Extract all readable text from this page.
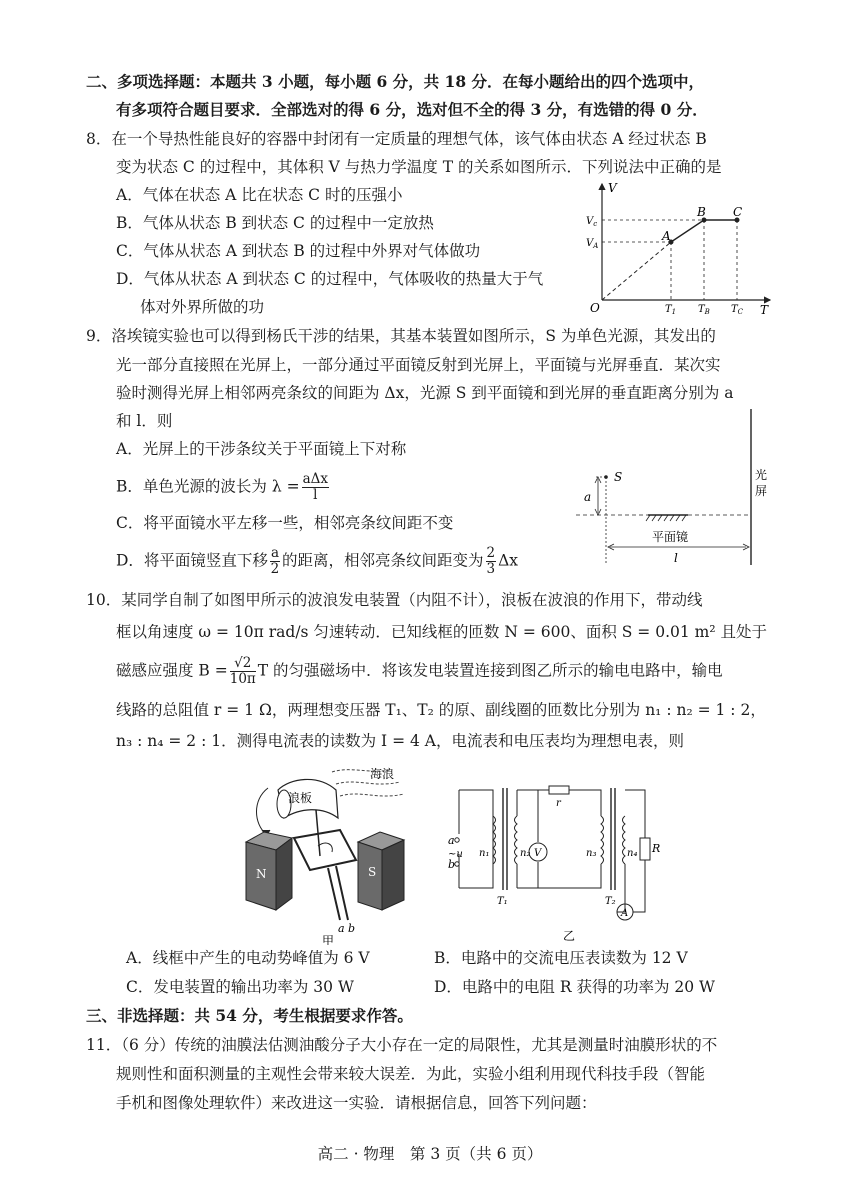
二、多项选择题：本题共 3 小题，每小题 6 分，共 18 分．在每小题给出的四个选项中，
有多项符合题目要求．全部选对的得 6 分，选对但不全的得 3 分，有选错的得 0 分．
8．在一个导热性能良好的容器中封闭有一定质量的理想气体，该气体由状态 A 经过状态 B
变为状态 C 的过程中，其体积 V 与热力学温度 T 的关系如图所示．下列说法中正确的是
A．气体在状态 A 比在状态 C 时的压强小
B．气体从状态 B 到状态 C 的过程中一定放热
C．气体从状态 A 到状态 B 的过程中外界对气体做功
D．气体从状态 A 到状态 C 的过程中，气体吸收的热量大于气
体对外界所做的功
V
T
O
A
B C
$V_c$
$V_A$
$T_1$ $T_B$ $T_C$
9．洛埃镜实验也可以得到杨氏干涉的结果，其基本装置如图所示，S 为单色光源，其发出的
光一部分直接照在光屏上，一部分通过平面镜反射到光屏上，平面镜与光屏垂直．某次实
验时测得光屏上相邻两亮条纹的间距为 Δx，光源 S 到平面镜和到光屏的垂直距离分别为 a
和 l．则
A．光屏上的干涉条纹关于平面镜上下对称
B．单色光源的波长为 $\lambda = \frac{\text{aΔx}}{l}$
C．将平面镜水平左移一些，相邻亮条纹间距不变
D．将平面镜竖直下移 $\frac{a}{2}$ 的距离，相邻亮条纹间距变为 $\frac{2}{3}$ Δx
光
屏
S
a
平面镜
l
10．某同学自制了如图甲所示的波浪发电装置（内阻不计），浪板在波浪的作用下，带动线
框以角速度 ω = 10π rad/s 匀速转动．已知线框的匝数 N = 600、面积 S = 0.01 m² 且处于
磁感应强度 $B = \frac{√2}{10\pi}$ T 的匀强磁场中．将该发电装置连接到图乙所示的输电电路中，输电
线路的总阻值 r = 1 Ω，两理想变压器 T₁、T₂ 的原、副线圈的匝数比分别为 n₁ : n₂ = 1 : 2，
n₃ : n₄ = 2 : 1．测得电流表的读数为 I = 4 A，电流表和电压表均为理想电表，则
海浪
浪板
N	S
a b
甲
a
~u
b
n₁	n₂ V
r
n₃	n₄ R
A
T₁	T₂
乙
A．线框中产生的电动势峰值为 6 V	B．电路中的交流电压表读数为 12 V
C．发电装置的输出功率为 30 W	D．电路中的电阻 R 获得的功率为 20 W
三、非选择题：共 54 分，考生根据要求作答。
11．（6 分）传统的油膜法估测油酸分子大小存在一定的局限性，尤其是测量时油膜形状的不
规则性和面积测量的主观性会带来较大误差．为此，实验小组利用现代科技手段（智能
手机和图像处理软件）来改进这一实验．请根据信息，回答下列问题：
高二 · 物理　第 3 页（共 6 页）
